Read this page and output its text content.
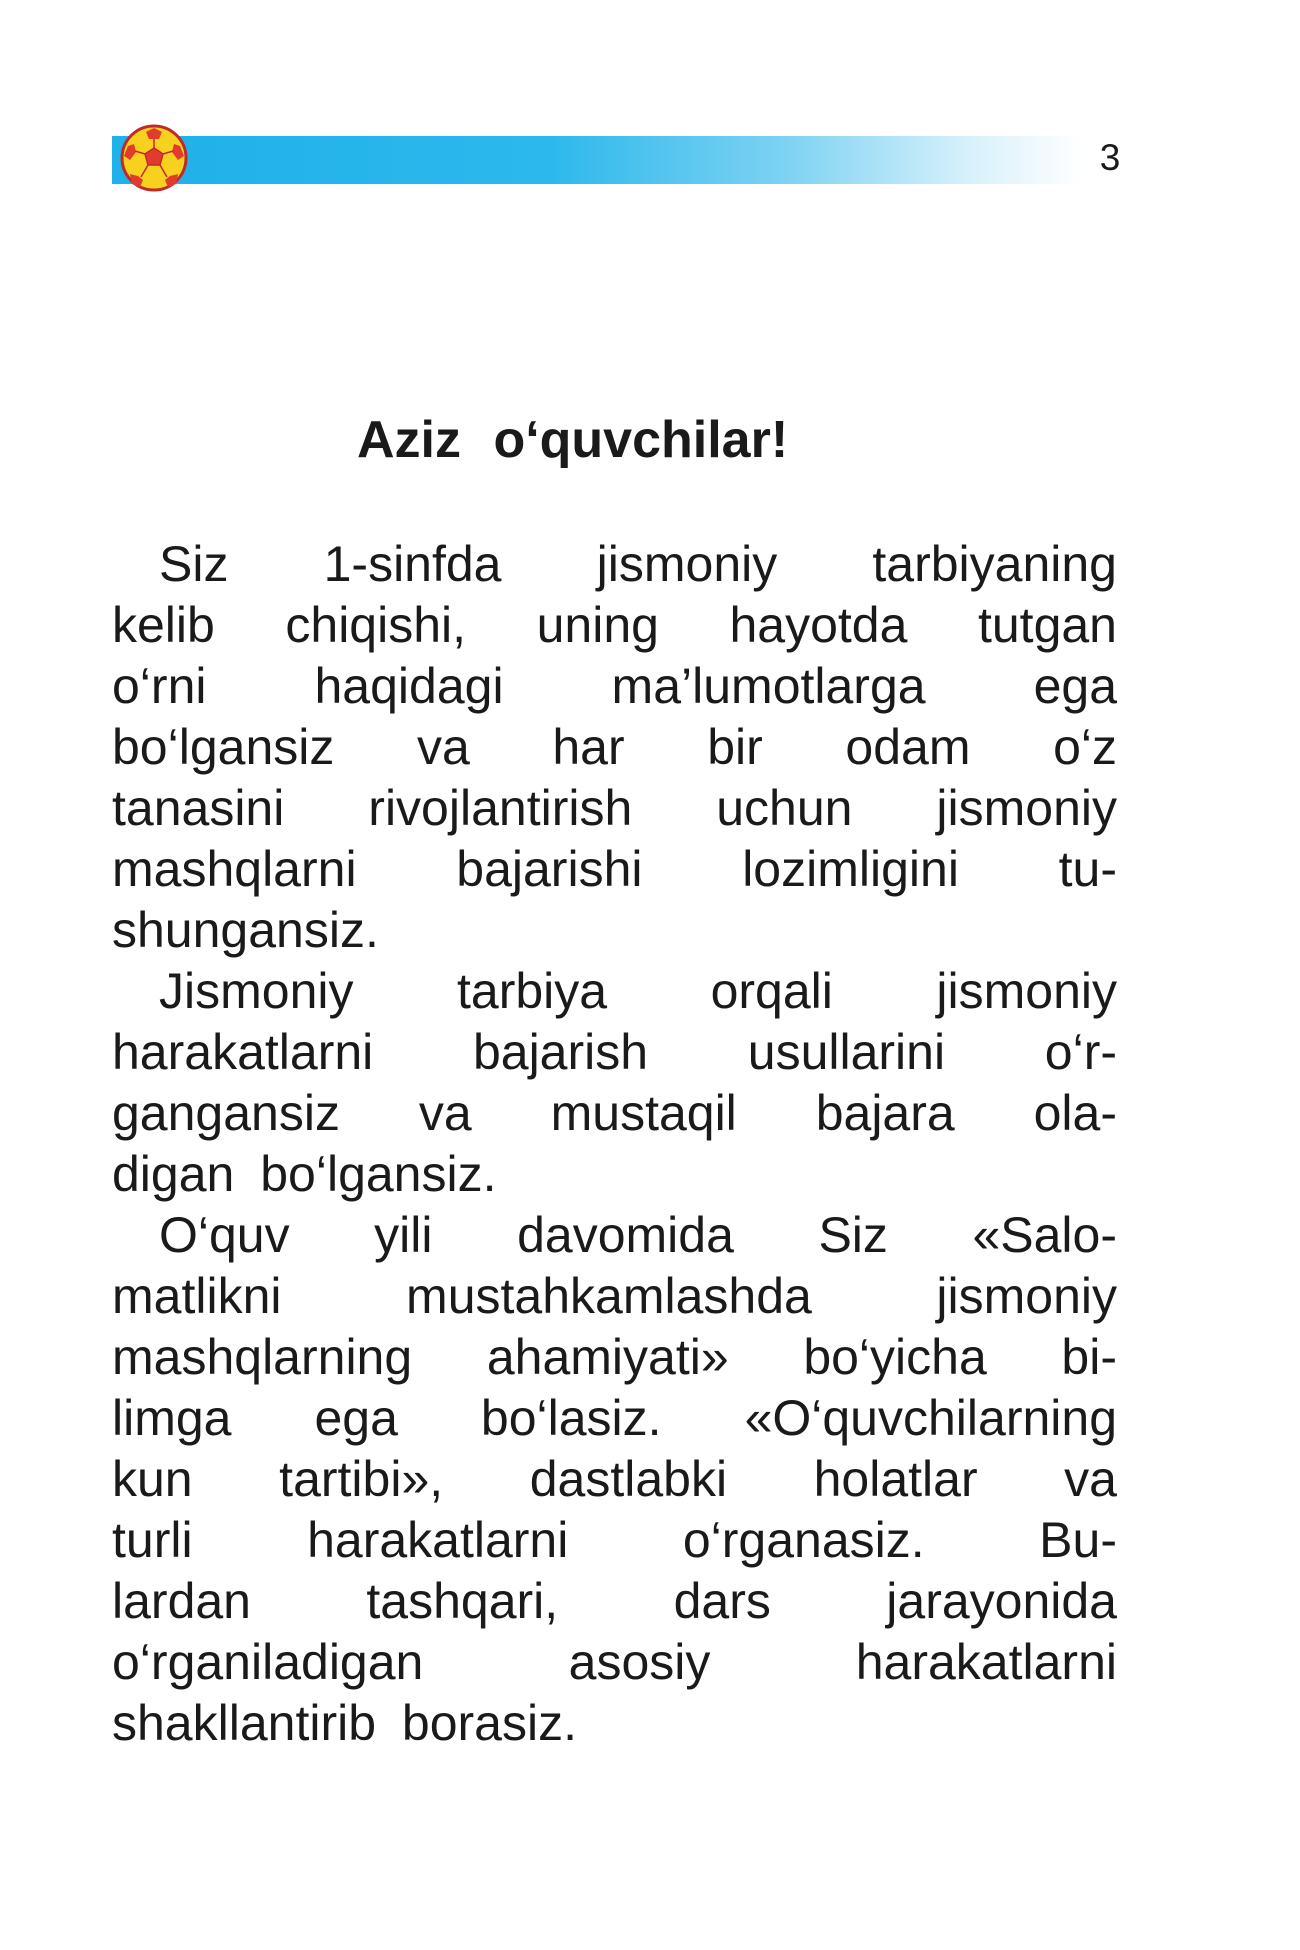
3
Aziz o‘quvchilar!
Siz 1-sinfda jismoniy tarbiyaning
kelib chiqishi, uning hayotda tutgan
o‘rni haqidagi ma’lumotlarga ega
bo‘lgansiz va har bir odam o‘z
tanasini rivojlantirish uchun jismoniy
mashqlarni bajarishi lozimligini tu-
shungansiz.
Jismoniy tarbiya orqali jismoniy
harakatlarni bajarish usullarini o‘r-
gangansiz va mustaqil bajara ola-
digan bo‘lgansiz.
O‘quv yili davomida Siz «Salo-
matlikni mustahkamlashda jismoniy
mashqlarning ahamiyati» bo‘yicha bi-
limga ega bo‘lasiz. «O‘quvchilarning
kun tartibi», dastlabki holatlar va
turli harakatlarni o‘rganasiz. Bu-
lardan tashqari, dars jarayonida
o‘rganiladigan asosiy harakatlarni
shakllantirib borasiz.
